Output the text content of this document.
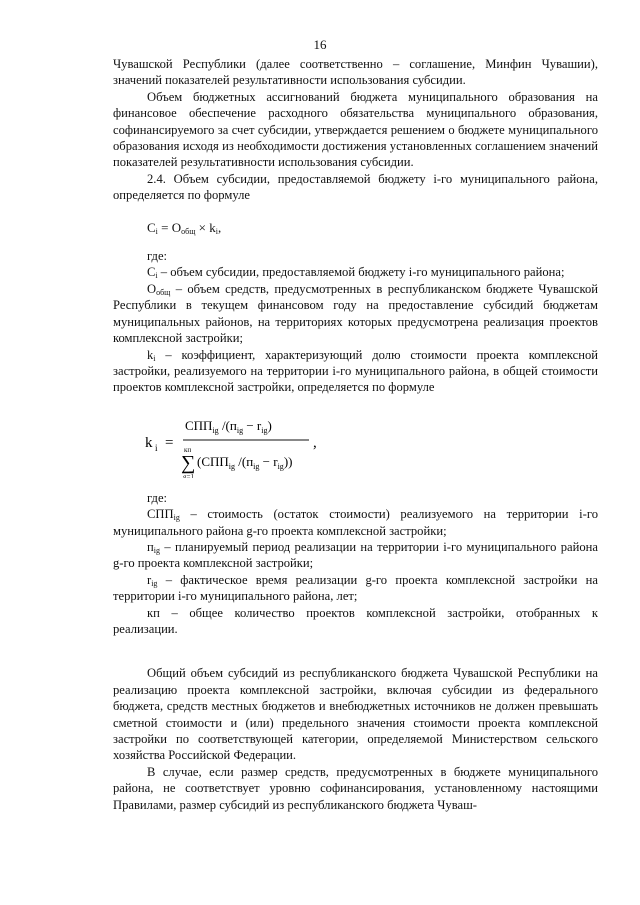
16

Чувашской Республики (далее соответственно – соглашение, Минфин Чувашии), значений показателей результативности использования субсидии.

Объем бюджетных ассигнований бюджета муниципального образования на финансовое обеспечение расходного обязательства муниципального образования, софинансируемого за счет субсидии, утверждается решением о бюджете муниципального образования исходя из необходимости достижения установленных соглашением значений показателей результативности использования субсидии.

2.4. Объем субсидии, предоставляемой бюджету i-го муниципального района, определяется по формуле

$C_i = O_{общ} \times k_i$,

где:

$C_i$ – объем субсидии, предоставляемой бюджету i-го муниципального района;

$O_{общ}$ – объем средств, предусмотренных в республиканском бюджете Чувашской Республики в текущем финансовом году на предоставление субсидий бюджетам муниципальных районов, на территориях которых предусмотрена реализация проектов комплексной застройки;

$k_i$ – коэффициент, характеризующий долю стоимости проекта комплексной застройки, реализуемого на территории i-го муниципального района, в общей стоимости проектов комплексной застройки, определяется по формуле

k i =
$СПП_{ig}$ $/(п_{ig} - r_{ig})$
,
кп
∑
g=1
($СПП_{ig}$ $/(п_{ig} - r_{ig})$)

где:

$СПП_{ig}$ – стоимость (остаток стоимости) реализуемого на территории i-го муниципального района g-го проекта комплексной застройки;

$п_{ig}$ – планируемый период реализации на территории i-го муниципального района g-го проекта комплексной застройки;

$r_{ig}$ – фактическое время реализации g-го проекта комплексной застройки на территории i-го муниципального района, лет;

кп – общее количество проектов комплексной застройки, отобранных к реализации.

Общий объем субсидий из республиканского бюджета Чувашской Республики на реализацию проекта комплексной застройки, включая субсидии из федерального бюджета, средств местных бюджетов и внебюджетных источников не должен превышать сметной стоимости и (или) предельного значения стоимости проекта комплексной застройки по соответствующей категории, определяемой Министерством сельского хозяйства Российской Федерации.

В случае, если размер средств, предусмотренных в бюджете муниципального района, не соответствует уровню софинансирования, установленному настоящими Правилами, размер субсидий из республиканского бюджета Чуваш-
